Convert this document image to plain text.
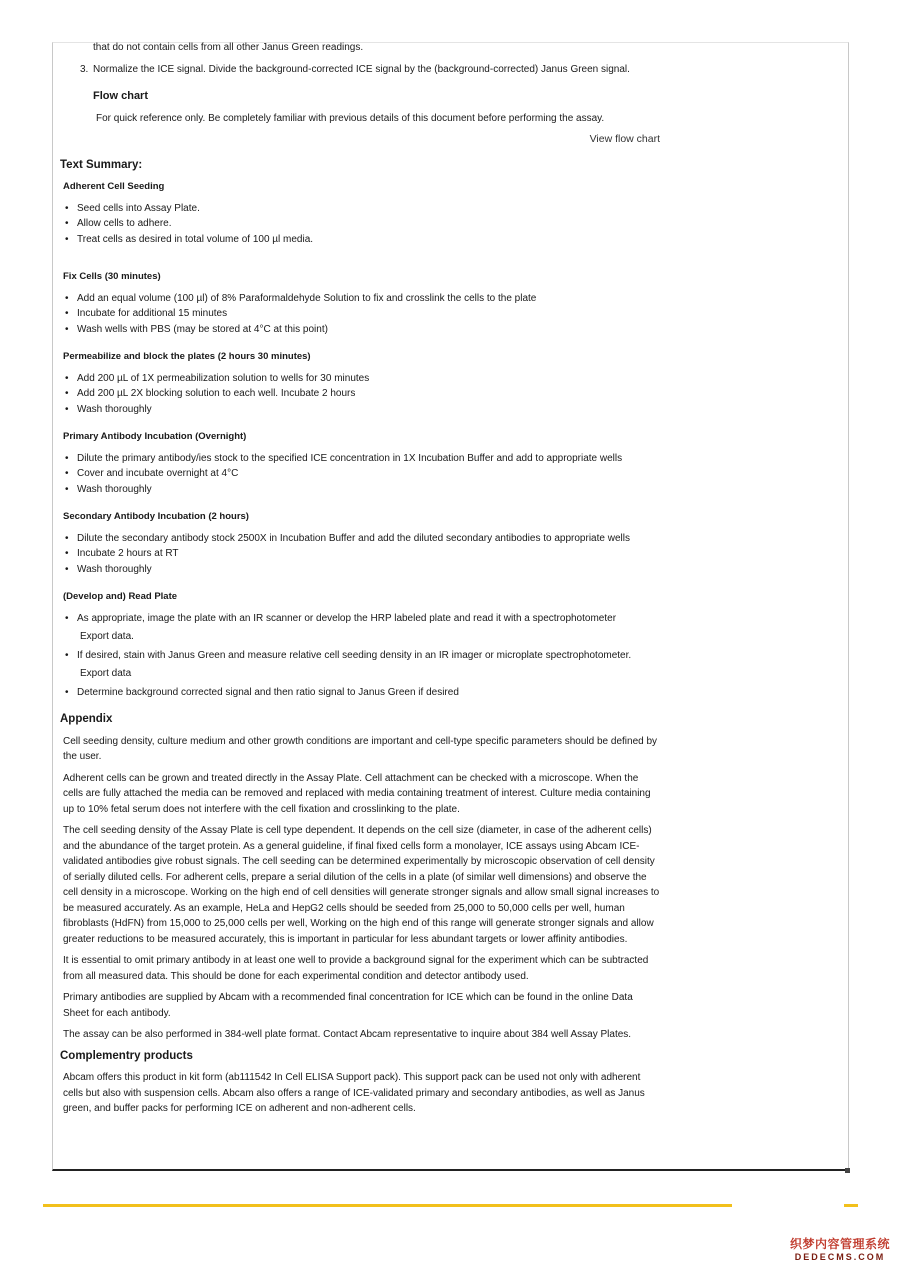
that do not contain cells from all other Janus Green readings.

3. Normalize the ICE signal. Divide the background-corrected ICE signal by the (background-corrected) Janus Green signal.
Flow chart

For quick reference only. Be completely familiar with previous details of this document before performing the assay.

View flow chart

Text Summary:
Adherent Cell Seeding
• Seed cells into Assay Plate.
• Allow cells to adhere.
• Treat cells as desired in total volume of 100 µl media.
Fix Cells (30 minutes)
• Add an equal volume (100 µl) of 8% Paraformaldehyde Solution to fix and crosslink the cells to the plate
• Incubate for additional 15 minutes
• Wash wells with PBS (may be stored at 4°C at this point)
Permeabilize and block the plates (2 hours 30 minutes)
• Add 200 µL of 1X permeabilization solution to wells for 30 minutes
• Add 200 µL 2X blocking solution to each well. Incubate 2 hours
• Wash thoroughly
Primary Antibody Incubation (Overnight)
• Dilute the primary antibody/ies stock to the specified ICE concentration in 1X Incubation Buffer and add to appropriate wells
• Cover and incubate overnight at 4°C
• Wash thoroughly
Secondary Antibody Incubation (2 hours)
• Dilute the secondary antibody stock 2500X in Incubation Buffer and add the diluted secondary antibodies to appropriate wells
• Incubate 2 hours at RT
• Wash thoroughly
(Develop and) Read Plate
• As appropriate, image the plate with an IR scanner or develop the HRP labeled plate and read it with a spectrophotometer
Export data.
• If desired, stain with Janus Green and measure relative cell seeding density in an IR imager or microplate spectrophotometer.
Export data
• Determine background corrected signal and then ratio signal to Janus Green if desired
Appendix

Cell seeding density, culture medium and other growth conditions are important and cell-type specific parameters should be defined by the user.

Adherent cells can be grown and treated directly in the Assay Plate. Cell attachment can be checked with a microscope. When the cells are fully attached the media can be removed and replaced with media containing treatment of interest. Culture media containing up to 10% fetal serum does not interfere with the cell fixation and crosslinking to the plate.

The cell seeding density of the Assay Plate is cell type dependent. It depends on the cell size (diameter, in case of the adherent cells) and the abundance of the target protein. As a general guideline, if final fixed cells form a monolayer, ICE assays using Abcam ICE-validated antibodies give robust signals. The cell seeding can be determined experimentally by microscopic observation of cell density of serially diluted cells. For adherent cells, prepare a serial dilution of the cells in a plate (of similar well dimensions) and observe the cell density in a microscope. Working on the high end of cell densities will generate stronger signals and allow small signal increases to be measured accurately. As an example, HeLa and HepG2 cells should be seeded from 25,000 to 50,000 cells per well, human fibroblasts (HdFN) from 15,000 to 25,000 cells per well, Working on the high end of this range will generate stronger signals and allow greater reductions to be measured accurately, this is important in particular for less abundant targets or lower affinity antibodies.

It is essential to omit primary antibody in at least one well to provide a background signal for the experiment which can be subtracted from all measured data. This should be done for each experimental condition and detector antibody used.

Primary antibodies are supplied by Abcam with a recommended final concentration for ICE which can be found in the online Data Sheet for each antibody.

The assay can be also performed in 384-well plate format. Contact Abcam representative to inquire about 384 well Assay Plates.

Complementry products

Abcam offers this product in kit form (ab111542 In Cell ELISA Support pack). This support pack can be used not only with adherent cells but also with suspension cells. Abcam also offers a range of ICE-validated primary and secondary antibodies, as well as Janus green, and buffer packs for performing ICE on adherent and non-adherent cells.

织梦内容管理系统
DEDECMS.COM
